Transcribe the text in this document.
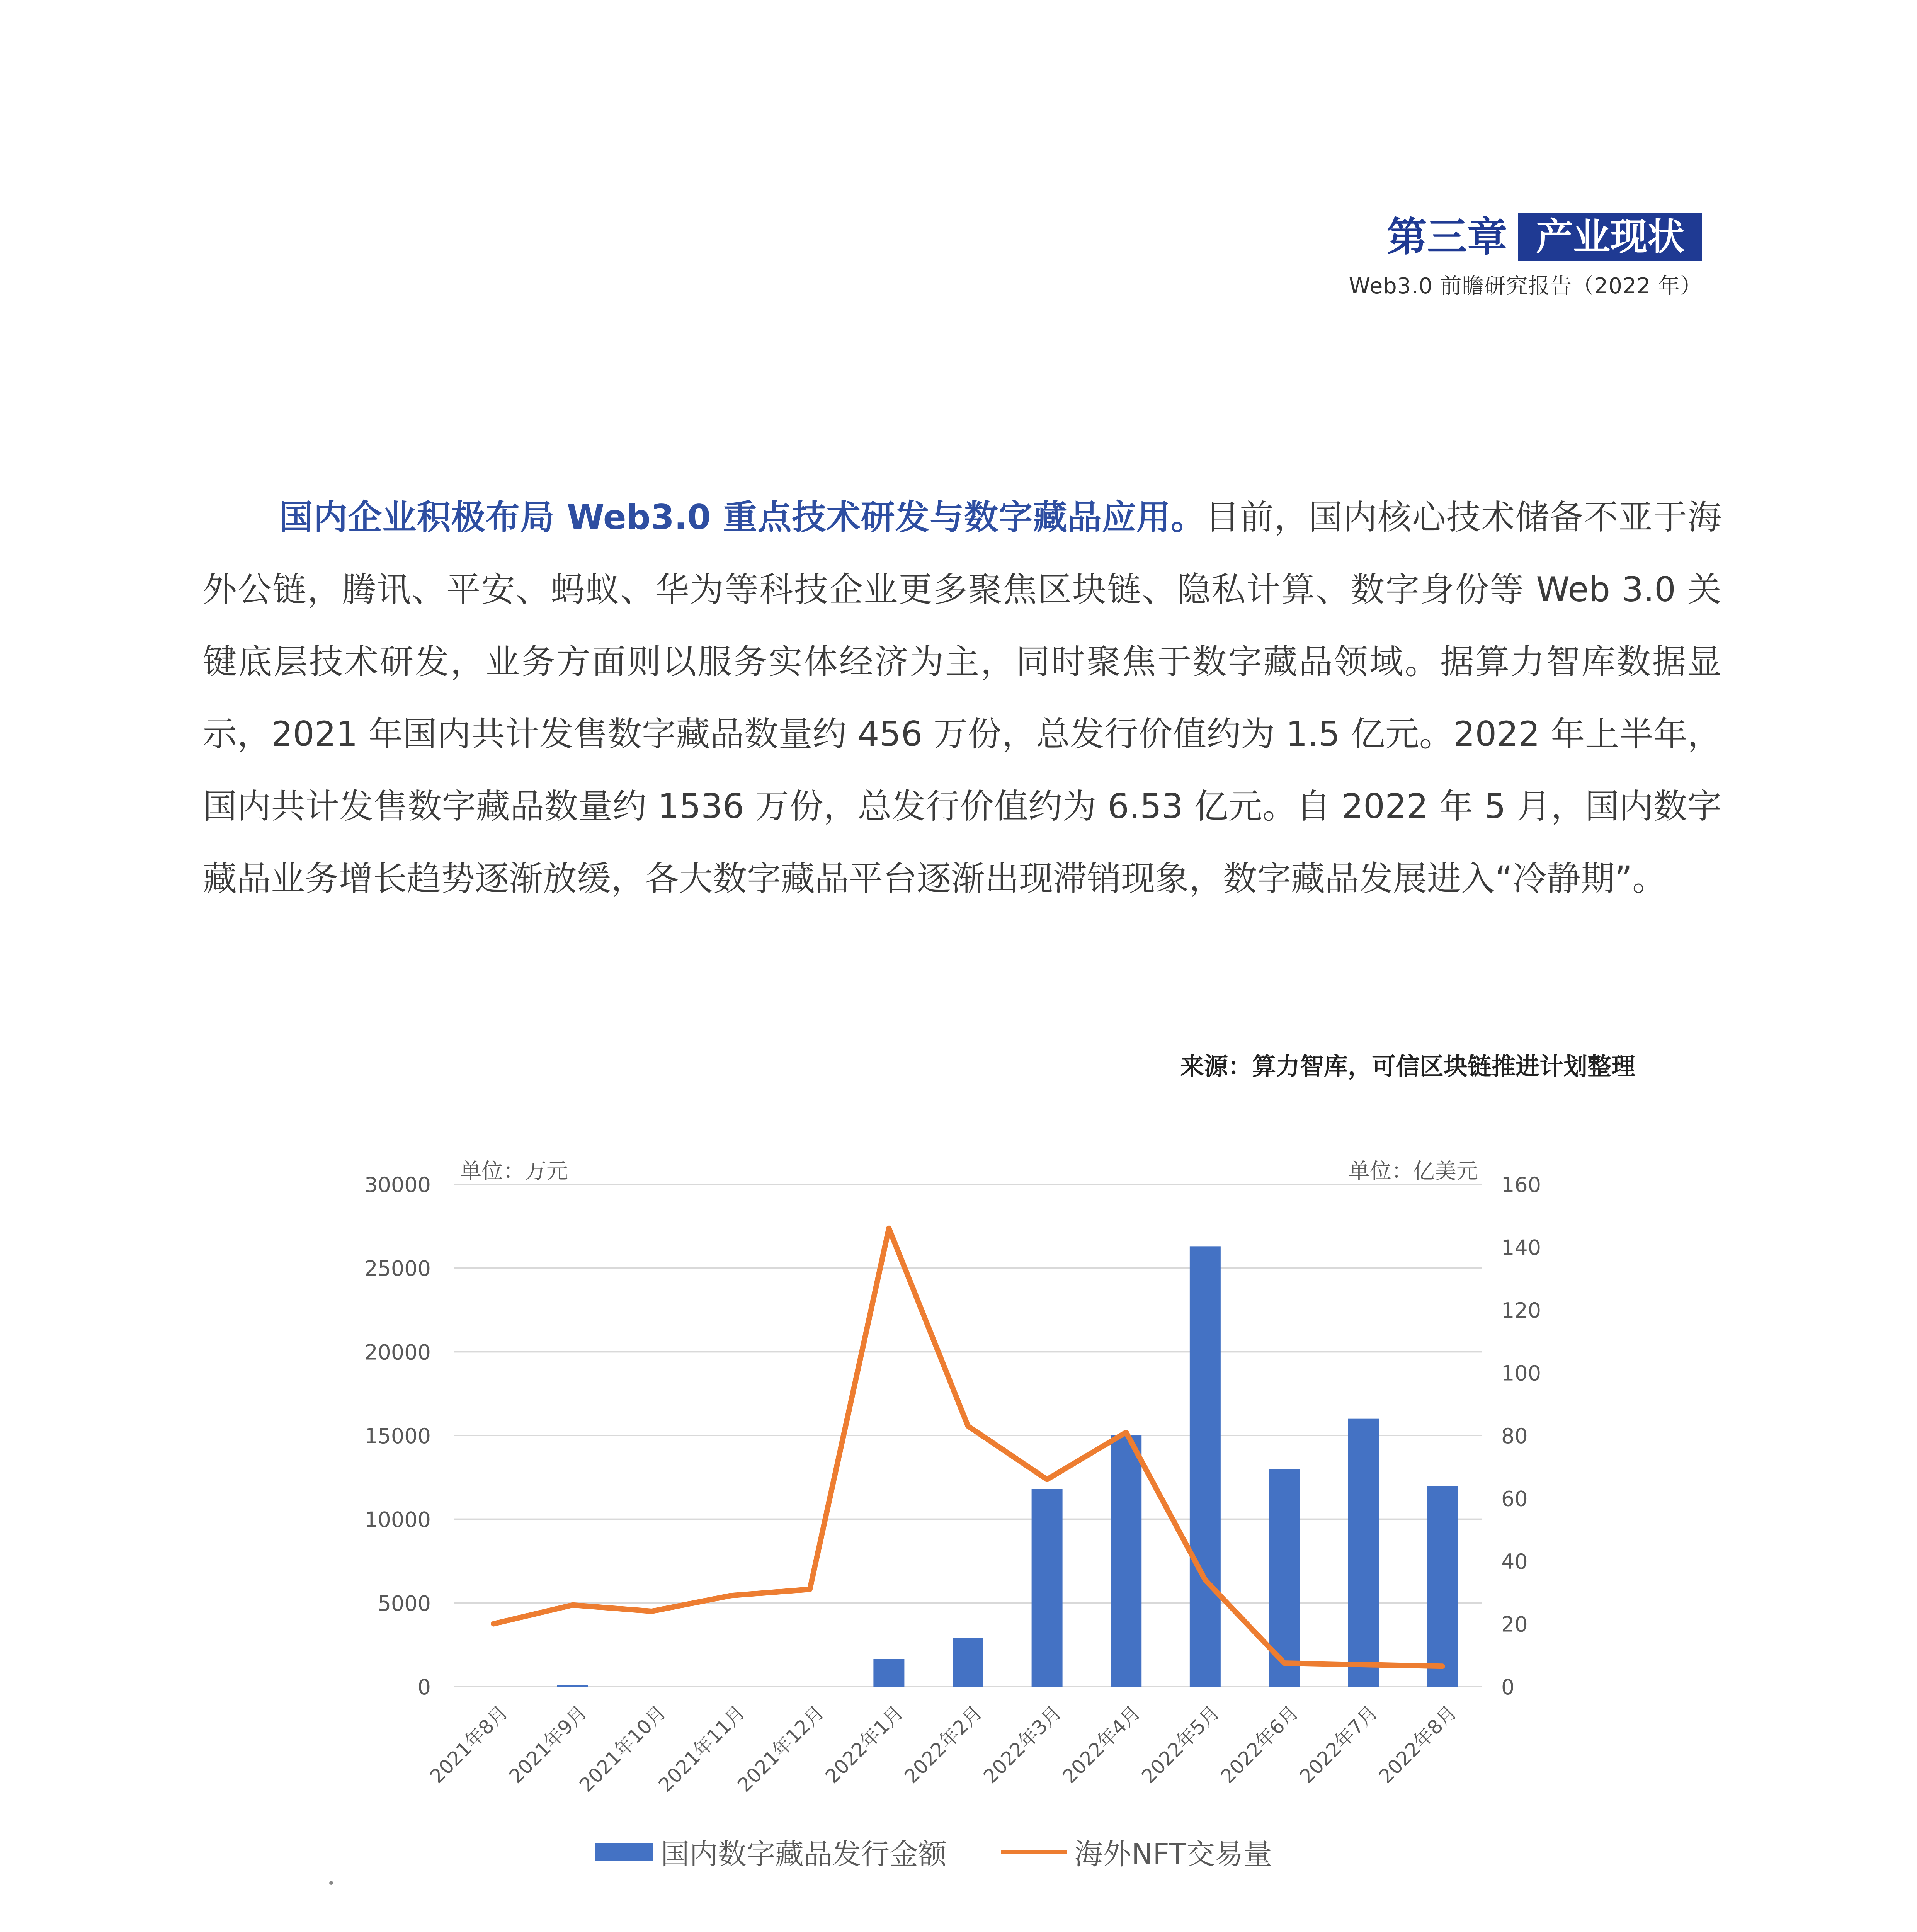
第三章 产业现状
Web3.0 前瞻研究报告（2022 年）
国内企业积极布局 Web3.0 重点技术研发与数字藏品应用。目前，国内核心技术储备不亚于海外公链，腾讯、平安、蚂蚁、华为等科技企业更多聚焦区块链、隐私计算、数字身份等 Web 3.0 关键底层技术研发，业务方面则以服务实体经济为主，同时聚焦于数字藏品领域。据算力智库数据显示，2021 年国内共计发售数字藏品数量约 456 万份，总发行价值约为 1.5 亿元。2022 年上半年，国内共计发售数字藏品数量约 1536 万份，总发行价值约为 6.53 亿元。自 2022 年 5 月，国内数字藏品业务增长趋势逐渐放缓，各大数字藏品平台逐渐出现滞销现象，数字藏品发展进入“冷静期”。
来源：算力智库，可信区块链推进计划整理
0
5000
10000
15000
20000
25000
30000
0
20
40
60
80
100
120
140
160
2021年8月
2021年9月
2021年10月
2021年11月
2021年12月
2022年1月
2022年2月
2022年3月
2022年4月
2022年5月
2022年6月
2022年7月
2022年8月
单位：万元	单位：亿美元
国内数字藏品发行金额	海外NFT交易量
